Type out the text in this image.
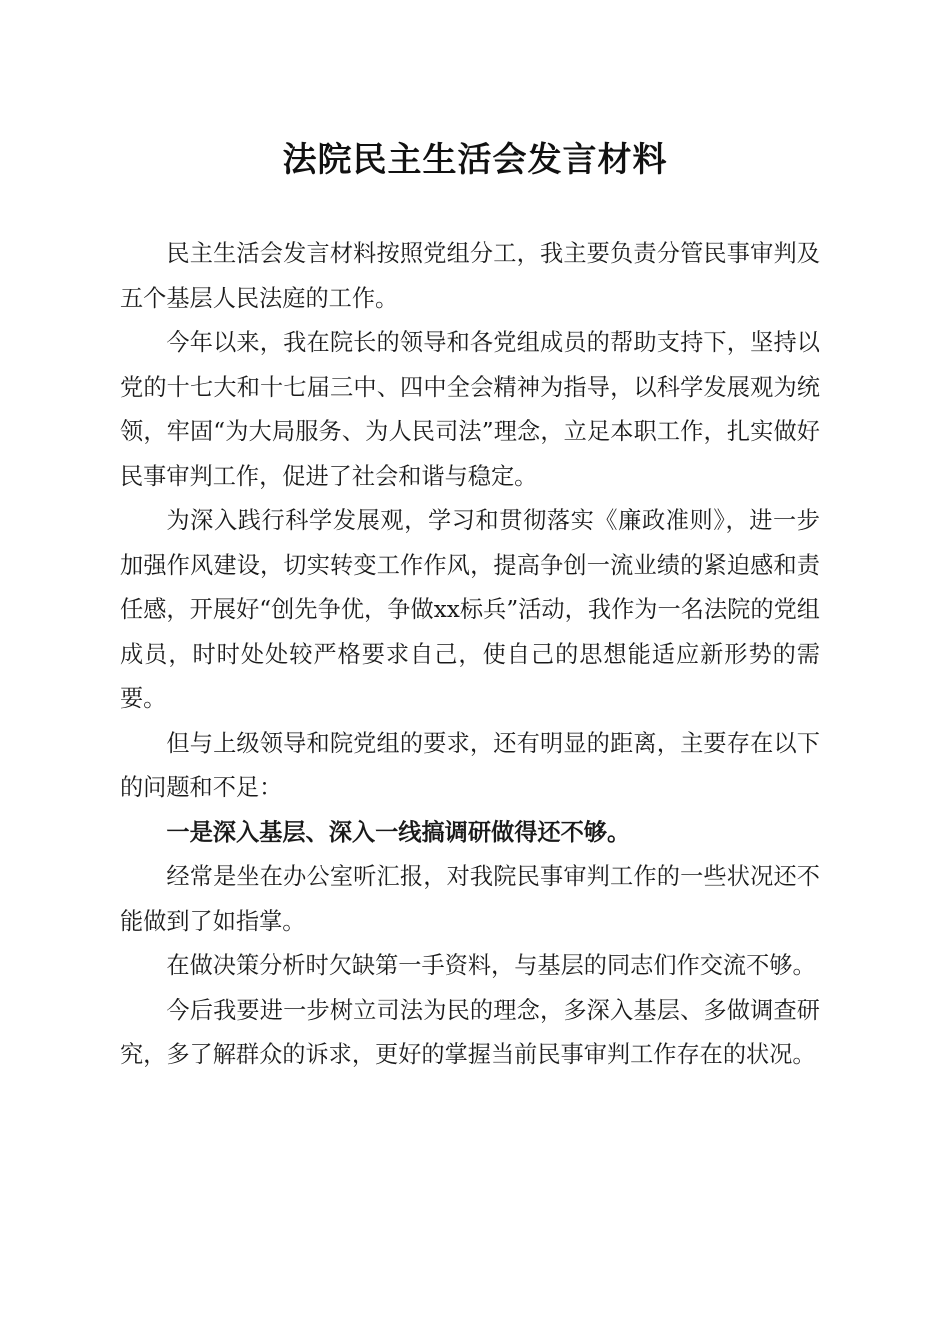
法院民主生活会发言材料

民主生活会发言材料按照党组分工，我主要负责分管民事审判及五个基层人民法庭的工作。

今年以来，我在院长的领导和各党组成员的帮助支持下，坚持以党的十七大和十七届三中、四中全会精神为指导，以科学发展观为统领，牢固“为大局服务、为人民司法”理念，立足本职工作，扎实做好民事审判工作，促进了社会和谐与稳定。

为深入践行科学发展观，学习和贯彻落实《廉政准则》，进一步加强作风建设，切实转变工作作风，提高争创一流业绩的紧迫感和责任感，开展好“创先争优，争做xx标兵”活动，我作为一名法院的党组成员，时时处处较严格要求自己，使自己的思想能适应新形势的需要。

但与上级领导和院党组的要求，还有明显的距离，主要存在以下的问题和不足：

一是深入基层、深入一线搞调研做得还不够。

经常是坐在办公室听汇报，对我院民事审判工作的一些状况还不能做到了如指掌。

在做决策分析时欠缺第一手资料，与基层的同志们作交流不够。

今后我要进一步树立司法为民的理念，多深入基层、多做调查研究，多了解群众的诉求，更好的掌握当前民事审判工作存在的状况。
